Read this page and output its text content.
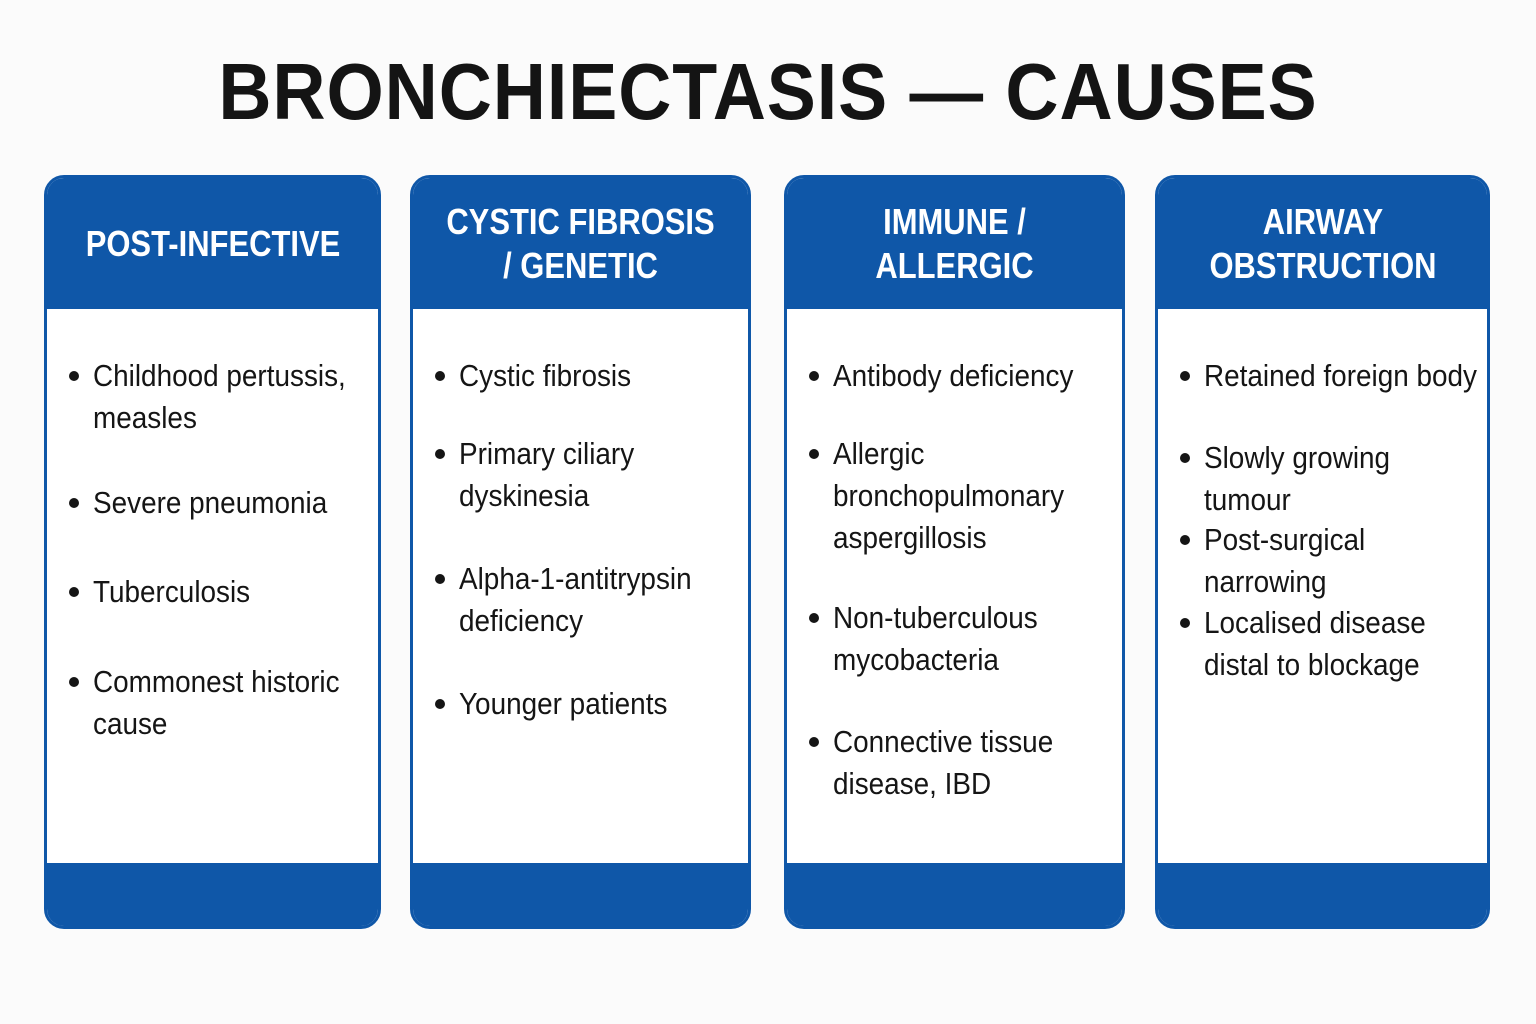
BRONCHIECTASIS — CAUSES
POST-INFECTIVE
Childhood pertussis, measles
Severe pneumonia
Tuberculosis
Commonest historic cause
CYSTIC FIBROSIS / GENETIC
Cystic fibrosis
Primary ciliary dyskinesia
Alpha-1-antitrypsin deficiency
Younger patients
IMMUNE / ALLERGIC
Antibody deficiency
Allergic bronchopulmonary aspergillosis
Non-tuberculous mycobacteria
Connective tissue disease, IBD
AIRWAY OBSTRUCTION
Retained foreign body
Slowly growing tumour
Post-surgical narrowing
Localised disease distal to blockage
